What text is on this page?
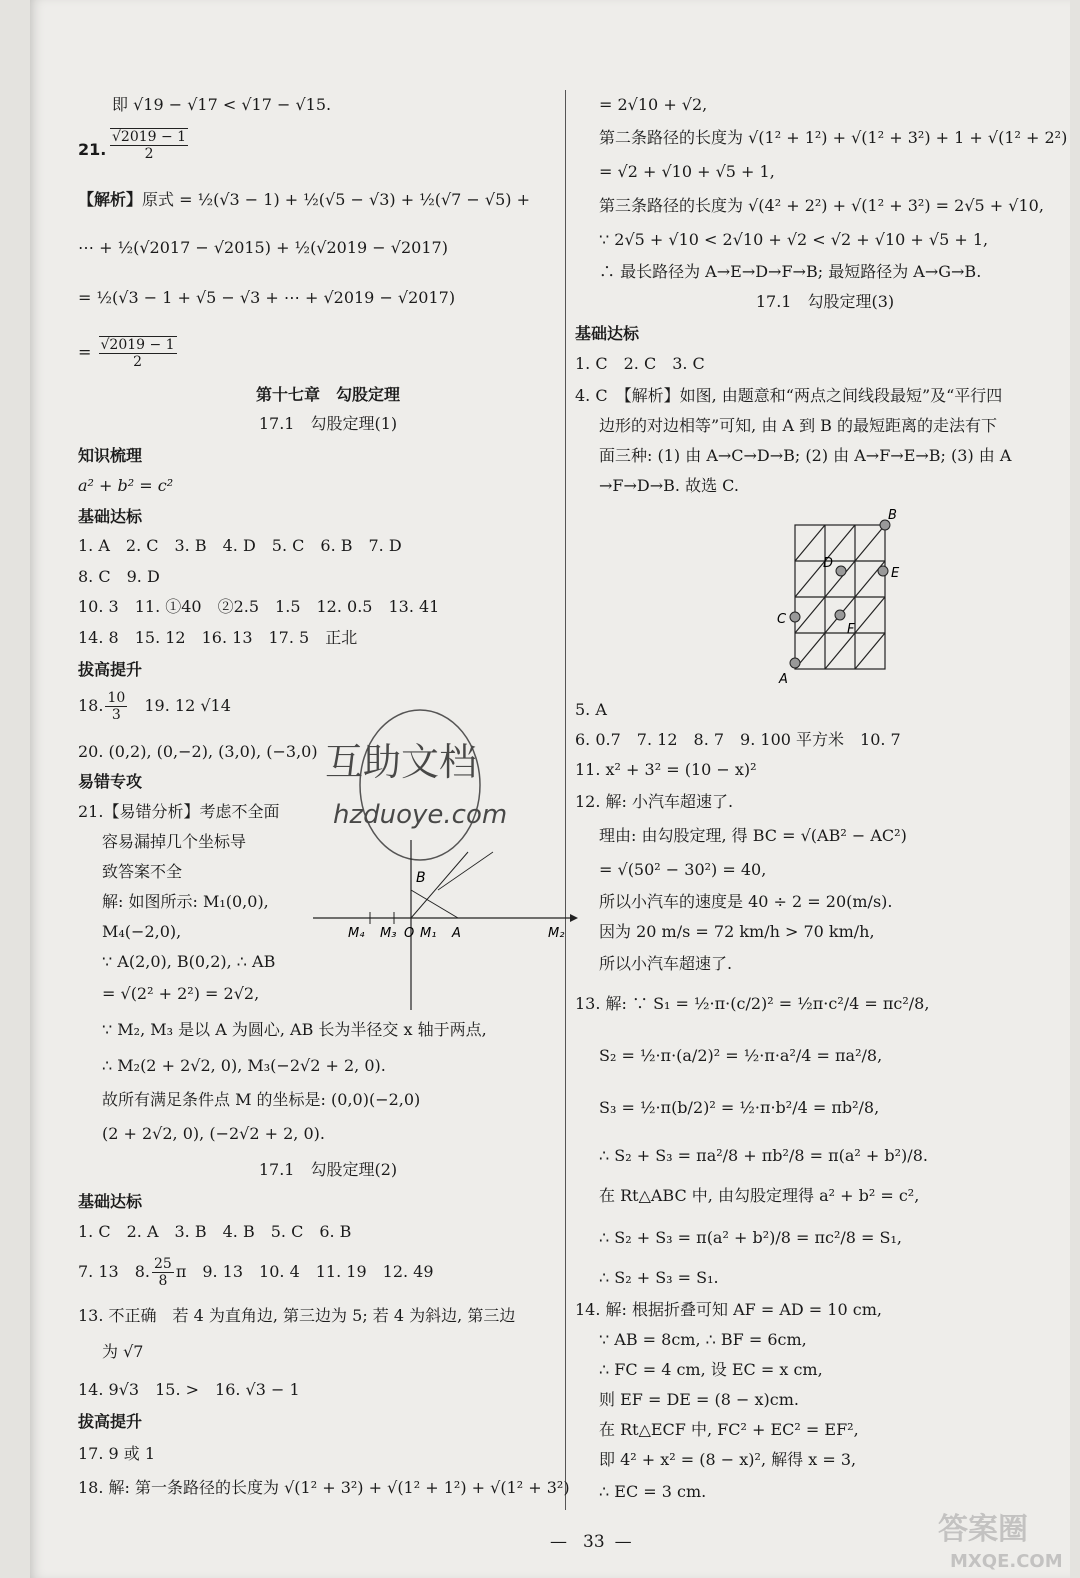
即 √19 − √17 < √17 − √15.
21. $\frac{√2019 - 1}{2}$
【解析】原式 = ½(√3 − 1) + ½(√5 − √3) + ½(√7 − √5) +
⋯ + ½(√2017 − √2015) + ½(√2019 − √2017)
= ½(√3 − 1 + √5 − √3 + ⋯ + √2019 − √2017)
= $\frac{√2019 - 1}{2}$
第十七章　勾股定理
17.1　勾股定理(1)
知识梳理
a² + b² = c²
基础达标
1. A　2. C　3. B　4. D　5. C　6. B　7. D
8. C　9. D
10. 3　11. ①40　②2.5　1.5　12. 0.5　13. 41
14. 8　15. 12　16. 13　17. 5　正北
拔高提升
18. $\frac{10}{3} 19$. 12 √14
20. (0,2), (0,−2), (3,0), (−3,0)
易错专攻
21.【易错分析】考虑不全面
容易漏掉几个坐标导
致答案不全
解: 如图所示: M₁(0,0),
M₄(−2,0),
∵ A(2,0), B(0,2), ∴ AB
= √(2² + 2²) = 2√2,
∵ M₂, M₃ 是以 A 为圆心, AB 长为半径交 x 轴于两点,
∴ M₂(2 + 2√2, 0), M₃(−2√2 + 2, 0).
故所有满足条件点 M 的坐标是: (0,0)(−2,0)
(2 + 2√2, 0), (−2√2 + 2, 0).
B
M₄ M₃ O M₁ A	M₂
17.1　勾股定理(2)
基础达标
1. C　2. A　3. B　4. B　5. C　6. B
7. 13　8. $\frac{25}{8}$ π　9. 13　10. 4　11. 19　12. 49
13. 不正确　若 4 为直角边, 第三边为 5; 若 4 为斜边, 第三边
为 √7
14. 9√3　15. >　16. √3 − 1
拔高提升
17. 9 或 1
18. 解: 第一条路径的长度为 √(1² + 3²) + √(1² + 1²) + √(1² + 3²)
= 2√10 + √2,
第二条路径的长度为 √(1² + 1²) + √(1² + 3²) + 1 + √(1² + 2²)
= √2 + √10 + √5 + 1,
第三条路径的长度为 √(4² + 2²) + √(1² + 3²) = 2√5 + √10,
∵ 2√5 + √10 < 2√10 + √2 < √2 + √10 + √5 + 1,
∴ 最长路径为 A→E→D→F→B; 最短路径为 A→G→B.
17.1　勾股定理(3)
基础达标
1. C　2. C　3. C
4. C　【解析】如图, 由题意和“两点之间线段最短”及“平行四
边形的对边相等”可知, 由 A 到 B 的最短距离的走法有下
面三种: (1) 由 A→C→D→B; (2) 由 A→F→E→B; (3) 由 A
→F→D→B. 故选 C.
B
D
E
C
F
A
5. A
6. 0.7　7. 12　8. 7　9. 100 平方米　10. 7
11. x² + 3² = (10 − x)²
12. 解: 小汽车超速了.
理由: 由勾股定理, 得 BC = √(AB² − AC²)
= √(50² − 30²) = 40,
所以小汽车的速度是 40 ÷ 2 = 20(m/s).
因为 20 m/s = 72 km/h > 70 km/h,
所以小汽车超速了.
13. 解: ∵ S₁ = ½·π·(c/2)² = ½π·c²/4 = πc²/8,
S₂ = ½·π·(a/2)² = ½·π·a²/4 = πa²/8,
S₃ = ½·π(b/2)² = ½·π·b²/4 = πb²/8,
∴ S₂ + S₃ = πa²/8 + πb²/8 = π(a² + b²)/8.
在 Rt△ABC 中, 由勾股定理得 a² + b² = c²,
∴ S₂ + S₃ = π(a² + b²)/8 = πc²/8 = S₁,
∴ S₂ + S₃ = S₁.
14. 解: 根据折叠可知 AF = AD = 10 cm,
∵ AB = 8cm, ∴ BF = 6cm,
∴ FC = 4 cm, 设 EC = x cm,
则 EF = DE = (8 − x)cm.
在 Rt△ECF 中, FC² + EC² = EF²,
即 4² + x² = (8 − x)², 解得 x = 3,
∴ EC = 3 cm.
互助文档
hzduoye.com
— 33 —	答案圈
MXQE.COM
